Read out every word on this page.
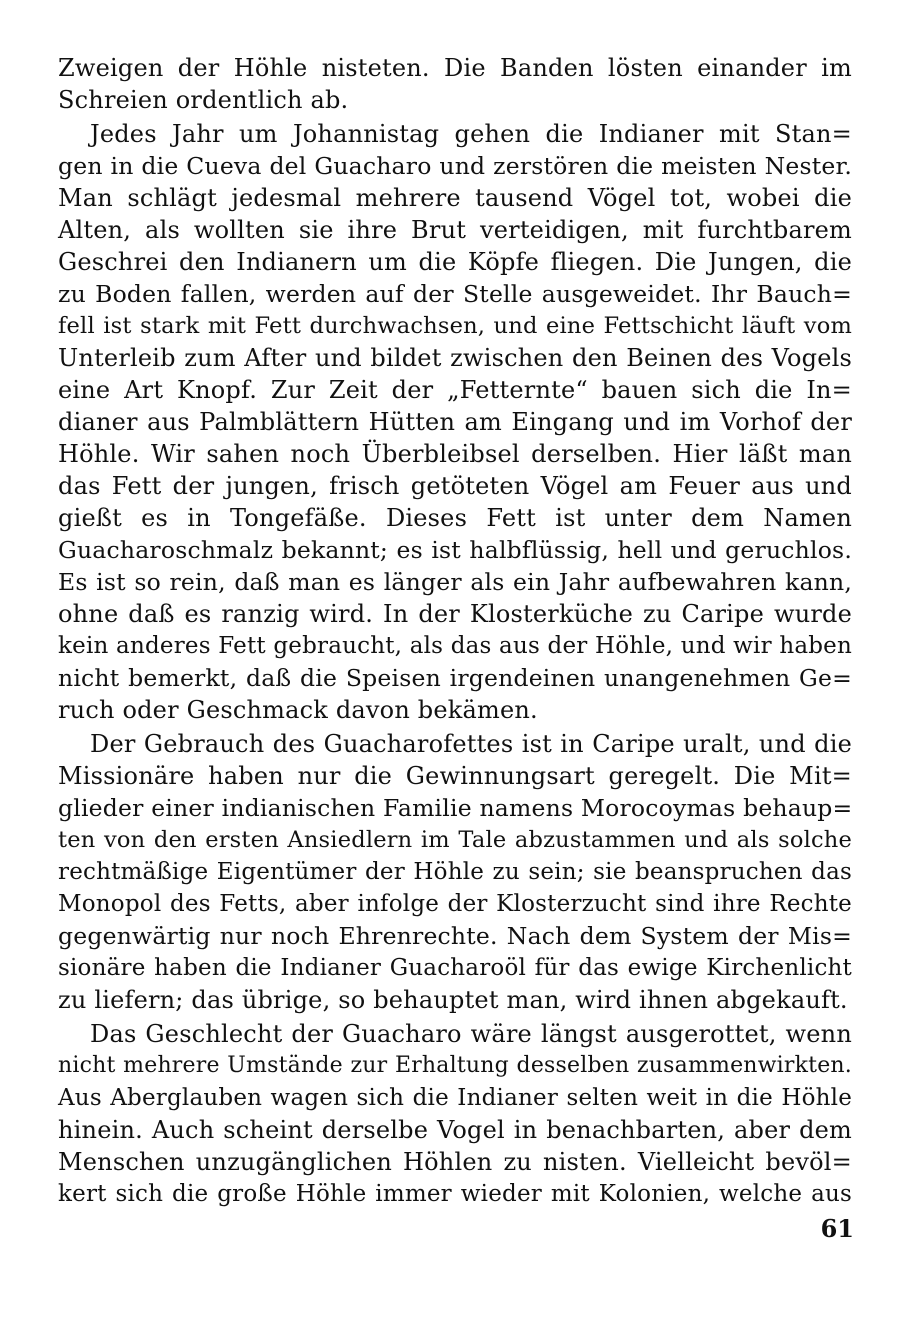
Zweigen der Höhle nisteten. Die Banden lösten einander im
Schreien ordentlich ab.
Jedes Jahr um Johannistag gehen die Indianer mit Stan=
gen in die Cueva del Guacharo und zerstören die meisten Nester.
Man schlägt jedesmal mehrere tausend Vögel tot, wobei die
Alten, als wollten sie ihre Brut verteidigen, mit furchtbarem
Geschrei den Indianern um die Köpfe fliegen. Die Jungen, die
zu Boden fallen, werden auf der Stelle ausgeweidet. Ihr Bauch=
fell ist stark mit Fett durchwachsen, und eine Fettschicht läuft vom
Unterleib zum After und bildet zwischen den Beinen des Vogels
eine Art Knopf. Zur Zeit der „Fetternte“ bauen sich die In=
dianer aus Palmblättern Hütten am Eingang und im Vorhof der
Höhle. Wir sahen noch Überbleibsel derselben. Hier läßt man
das Fett der jungen, frisch getöteten Vögel am Feuer aus und
gießt es in Tongefäße. Dieses Fett ist unter dem Namen
Guacharoschmalz bekannt; es ist halbflüssig, hell und geruchlos.
Es ist so rein, daß man es länger als ein Jahr aufbewahren kann,
ohne daß es ranzig wird. In der Klosterküche zu Caripe wurde
kein anderes Fett gebraucht, als das aus der Höhle, und wir haben
nicht bemerkt, daß die Speisen irgendeinen unangenehmen Ge=
ruch oder Geschmack davon bekämen.
Der Gebrauch des Guacharofettes ist in Caripe uralt, und die
Missionäre haben nur die Gewinnungsart geregelt. Die Mit=
glieder einer indianischen Familie namens Morocoymas behaup=
ten von den ersten Ansiedlern im Tale abzustammen und als solche
rechtmäßige Eigentümer der Höhle zu sein; sie beanspruchen das
Monopol des Fetts, aber infolge der Klosterzucht sind ihre Rechte
gegenwärtig nur noch Ehrenrechte. Nach dem System der Mis=
sionäre haben die Indianer Guacharoöl für das ewige Kirchenlicht
zu liefern; das übrige, so behauptet man, wird ihnen abgekauft.
Das Geschlecht der Guacharo wäre längst ausgerottet, wenn
nicht mehrere Umstände zur Erhaltung desselben zusammenwirkten.
Aus Aberglauben wagen sich die Indianer selten weit in die Höhle
hinein. Auch scheint derselbe Vogel in benachbarten, aber dem
Menschen unzugänglichen Höhlen zu nisten. Vielleicht bevöl=
kert sich die große Höhle immer wieder mit Kolonien, welche aus
61
